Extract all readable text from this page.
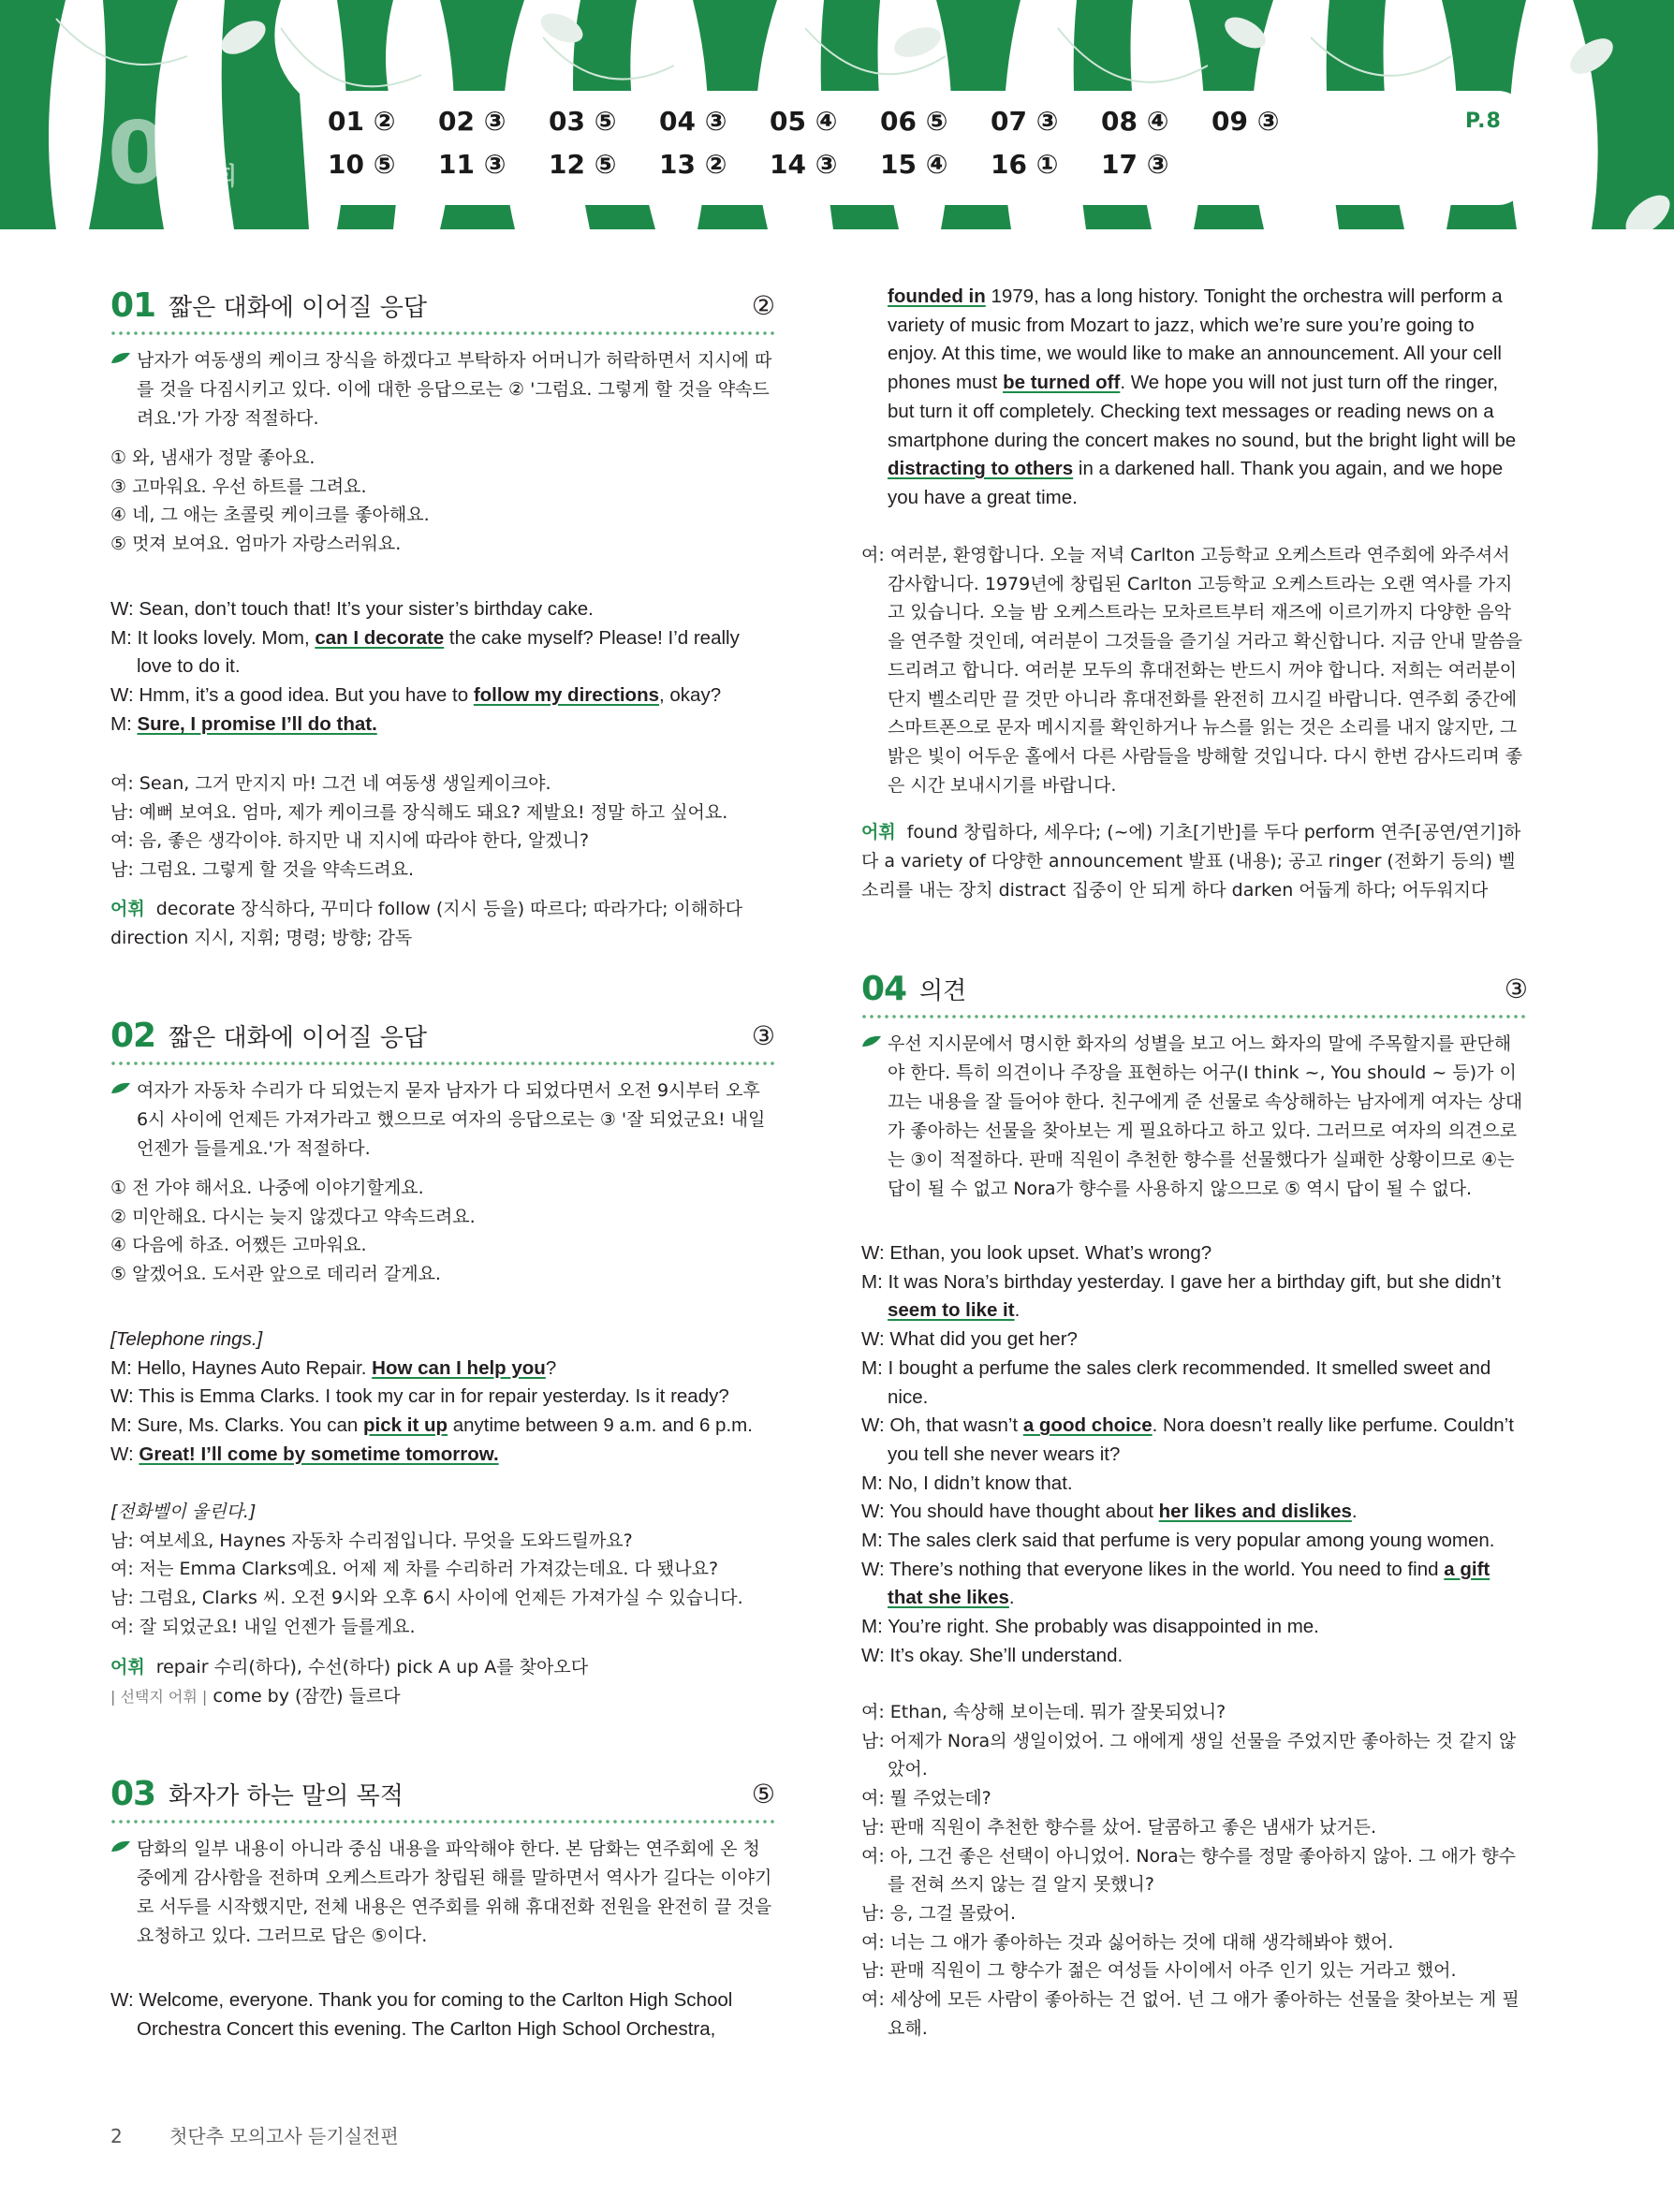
01
회
01 ②	02 ③	03 ⑤	04 ③	05 ④	06 ⑤	07 ③	08 ④	09 ③
10 ⑤	11 ③	12 ⑤	13 ②	14 ③	15 ④	16 ①	17 ③
P.8
01 짧은 대화에 이어질 응답	②
남자가 여동생의 케이크 장식을 하겠다고 부탁하자 어머니가 허락하면서 지시에 따를 것을 다짐시키고 있다. 이에 대한 응답으로는 ② '그럼요. 그렇게 할 것을 약속드려요.'가 가장 적절하다.

① 와, 냄새가 정말 좋아요.

③ 고마워요. 우선 하트를 그려요.

④ 네, 그 애는 초콜릿 케이크를 좋아해요.

⑤ 멋져 보여요. 엄마가 자랑스러워요.

W: Sean, don’t touch that! It’s your sister’s birthday cake.

M: It looks lovely. Mom, can I decorate the cake myself? Please! I’d really love to do it.

W: Hmm, it’s a good idea. But you have to follow my directions, okay?

M: Sure, I promise I’ll do that.

여: Sean, 그거 만지지 마! 그건 네 여동생 생일케이크야.

남: 예뻐 보여요. 엄마, 제가 케이크를 장식해도 돼요? 제발요! 정말 하고 싶어요.

여: 음, 좋은 생각이야. 하지만 내 지시에 따라야 한다, 알겠니?

남: 그럼요. 그렇게 할 것을 약속드려요.

어휘 decorate 장식하다, 꾸미다 follow (지시 등을) 따르다; 따라가다; 이해하다
direction 지시, 지휘; 명령; 방향; 감독
02 짧은 대화에 이어질 응답	③
여자가 자동차 수리가 다 되었는지 묻자 남자가 다 되었다면서 오전 9시부터 오후 6시 사이에 언제든 가져가라고 했으므로 여자의 응답으로는 ③ '잘 되었군요! 내일 언젠가 들를게요.'가 적절하다.

① 전 가야 해서요. 나중에 이야기할게요.

② 미안해요. 다시는 늦지 않겠다고 약속드려요.

④ 다음에 하죠. 어쨌든 고마워요.

⑤ 알겠어요. 도서관 앞으로 데리러 갈게요.

[Telephone rings.]

M: Hello, Haynes Auto Repair. How can I help you?

W: This is Emma Clarks. I took my car in for repair yesterday. Is it ready?

M: Sure, Ms. Clarks. You can pick it up anytime between 9 a.m. and 6 p.m.

W: Great! I’ll come by sometime tomorrow.

[전화벨이 울린다.]

남: 여보세요, Haynes 자동차 수리점입니다. 무엇을 도와드릴까요?

여: 저는 Emma Clarks예요. 어제 제 차를 수리하러 가져갔는데요. 다 됐나요?

남: 그럼요, Clarks 씨. 오전 9시와 오후 6시 사이에 언제든 가져가실 수 있습니다.

여: 잘 되었군요! 내일 언젠가 들를게요.

어휘 repair 수리(하다), 수선(하다) pick A up A를 찾아오다
| 선택지 어휘 | come by (잠깐) 들르다
03 화자가 하는 말의 목적	⑤
담화의 일부 내용이 아니라 중심 내용을 파악해야 한다. 본 담화는 연주회에 온 청중에게 감사함을 전하며 오케스트라가 창립된 해를 말하면서 역사가 길다는 이야기로 서두를 시작했지만, 전체 내용은 연주회를 위해 휴대전화 전원을 완전히 끌 것을 요청하고 있다. 그러므로 답은 ⑤이다.

W: Welcome, everyone. Thank you for coming to the Carlton High School Orchestra Concert this evening. The Carlton High School Orchestra,

founded in 1979, has a long history. Tonight the orchestra will perform a variety of music from Mozart to jazz, which we’re sure you’re going to enjoy. At this time, we would like to make an announcement. All your cell phones must be turned off. We hope you will not just turn off the ringer, but turn it off completely. Checking text messages or reading news on a smartphone during the concert makes no sound, but the bright light will be distracting to others in a darkened hall. Thank you again, and we hope you have a great time.

여: 여러분, 환영합니다. 오늘 저녁 Carlton 고등학교 오케스트라 연주회에 와주셔서 감사합니다. 1979년에 창립된 Carlton 고등학교 오케스트라는 오랜 역사를 가지고 있습니다. 오늘 밤 오케스트라는 모차르트부터 재즈에 이르기까지 다양한 음악을 연주할 것인데, 여러분이 그것들을 즐기실 거라고 확신합니다. 지금 안내 말씀을 드리려고 합니다. 여러분 모두의 휴대전화는 반드시 꺼야 합니다. 저희는 여러분이 단지 벨소리만 끌 것만 아니라 휴대전화를 완전히 끄시길 바랍니다. 연주회 중간에 스마트폰으로 문자 메시지를 확인하거나 뉴스를 읽는 것은 소리를 내지 않지만, 그 밝은 빛이 어두운 홀에서 다른 사람들을 방해할 것입니다. 다시 한번 감사드리며 좋은 시간 보내시기를 바랍니다.

어휘 found 창립하다, 세우다; (~에) 기초[기반]를 두다 perform 연주[공연/연기]하다 a variety of 다양한 announcement 발표 (내용); 공고 ringer (전화기 등의) 벨소리를 내는 장치 distract 집중이 안 되게 하다 darken 어둡게 하다; 어두워지다
04 의견	③
우선 지시문에서 명시한 화자의 성별을 보고 어느 화자의 말에 주목할지를 판단해야 한다. 특히 의견이나 주장을 표현하는 어구(I think ~, You should ~ 등)가 이끄는 내용을 잘 들어야 한다. 친구에게 준 선물로 속상해하는 남자에게 여자는 상대가 좋아하는 선물을 찾아보는 게 필요하다고 하고 있다. 그러므로 여자의 의견으로는 ③이 적절하다. 판매 직원이 추천한 향수를 선물했다가 실패한 상황이므로 ④는 답이 될 수 없고 Nora가 향수를 사용하지 않으므로 ⑤ 역시 답이 될 수 없다.

W: Ethan, you look upset. What’s wrong?

M: It was Nora’s birthday yesterday. I gave her a birthday gift, but she didn’t seem to like it.

W: What did you get her?

M: I bought a perfume the sales clerk recommended. It smelled sweet and nice.

W: Oh, that wasn’t a good choice. Nora doesn’t really like perfume. Couldn’t you tell she never wears it?

M: No, I didn’t know that.

W: You should have thought about her likes and dislikes.

M: The sales clerk said that perfume is very popular among young women.

W: There’s nothing that everyone likes in the world. You need to find a gift that she likes.

M: You’re right. She probably was disappointed in me.

W: It’s okay. She’ll understand.

여: Ethan, 속상해 보이는데. 뭐가 잘못되었니?

남: 어제가 Nora의 생일이었어. 그 애에게 생일 선물을 주었지만 좋아하는 것 같지 않았어.

여: 뭘 주었는데?

남: 판매 직원이 추천한 향수를 샀어. 달콤하고 좋은 냄새가 났거든.

여: 아, 그건 좋은 선택이 아니었어. Nora는 향수를 정말 좋아하지 않아. 그 애가 향수를 전혀 쓰지 않는 걸 알지 못했니?

남: 응, 그걸 몰랐어.

여: 너는 그 애가 좋아하는 것과 싫어하는 것에 대해 생각해봐야 했어.

남: 판매 직원이 그 향수가 젊은 여성들 사이에서 아주 인기 있는 거라고 했어.

여: 세상에 모든 사람이 좋아하는 건 없어. 넌 그 애가 좋아하는 선물을 찾아보는 게 필요해.

2	첫단추 모의고사 듣기실전편
